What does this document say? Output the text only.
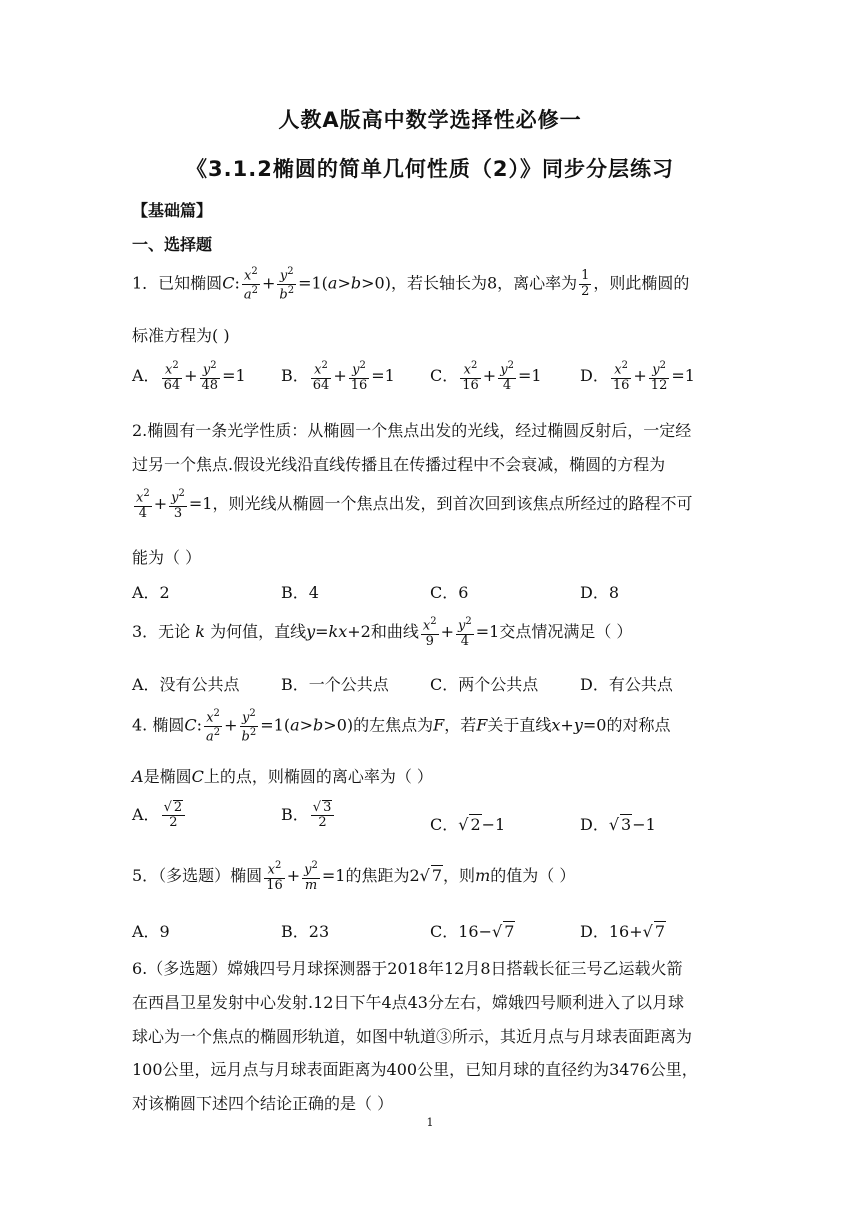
人教A版高中数学选择性必修一
《3.1.2椭圆的简单几何性质（2）》同步分层练习
【基础篇】
一、选择题
1．已知椭圆C: $\frac{x^2}{a^2} + \frac{y^2}{b^2} =1(a>b>0)$，若长轴长为8，离心率为 $\frac{1}{2}$ ，则此椭圆的
标准方程为( )
A． $\frac{x^2}{64} + \frac{y^2}{48} =1$ B． $\frac{x^2}{64} + \frac{y^2}{16} =1$ C． $\frac{x^2}{16} + \frac{y^2}{4} =1$ D． $\frac{x^2}{16} + \frac{y^2}{12} =1$
2.椭圆有一条光学性质：从椭圆一个焦点出发的光线，经过椭圆反射后，一定经
过另一个焦点.假设光线沿直线传播且在传播过程中不会衰减，椭圆的方程为
$\frac{x^2}{4} + \frac{y^2}{3} =1$，则光线从椭圆一个焦点出发，到首次回到该焦点所经过的路程不可
能为（ ）
A．2	B．4	C．6	D．8
3．无论 k 为何值，直线y=kx+2和曲线 $\frac{x^2}{9} + \frac{y^2}{4} =1$交点情况满足（ ）
A．没有公共点	B．一个公共点	C．两个公共点	D．有公共点
4. 椭圆C: $\frac{x^2}{a^2} + \frac{y^2}{b^2} =1(a>b>0)$的左焦点为F，若F关于直线x+y=0的对称点
A是椭圆C上的点，则椭圆的离心率为（ ）
A． $\frac{√ 2}{2}$	B． $\frac{√ 3}{2}$	C．√ 2−1	D．√ 3−1
5．（多选题）椭圆 $\frac{x^2}{16} + \frac{y^2}{m} =1$的焦距为2√ 7，则m的值为（ ）
A．9	B．23	C．16−√ 7	D．16+√ 7
6.（多选题）嫦娥四号月球探测器于2018年12月8日搭载长征三号乙运载火箭
在西昌卫星发射中心发射.12日下午4点43分左右，嫦娥四号顺利进入了以月球
球心为一个焦点的椭圆形轨道，如图中轨道③所示，其近月点与月球表面距离为
100公里，远月点与月球表面距离为400公里，已知月球的直径约为3476公里，
对该椭圆下述四个结论正确的是（ ）
1
